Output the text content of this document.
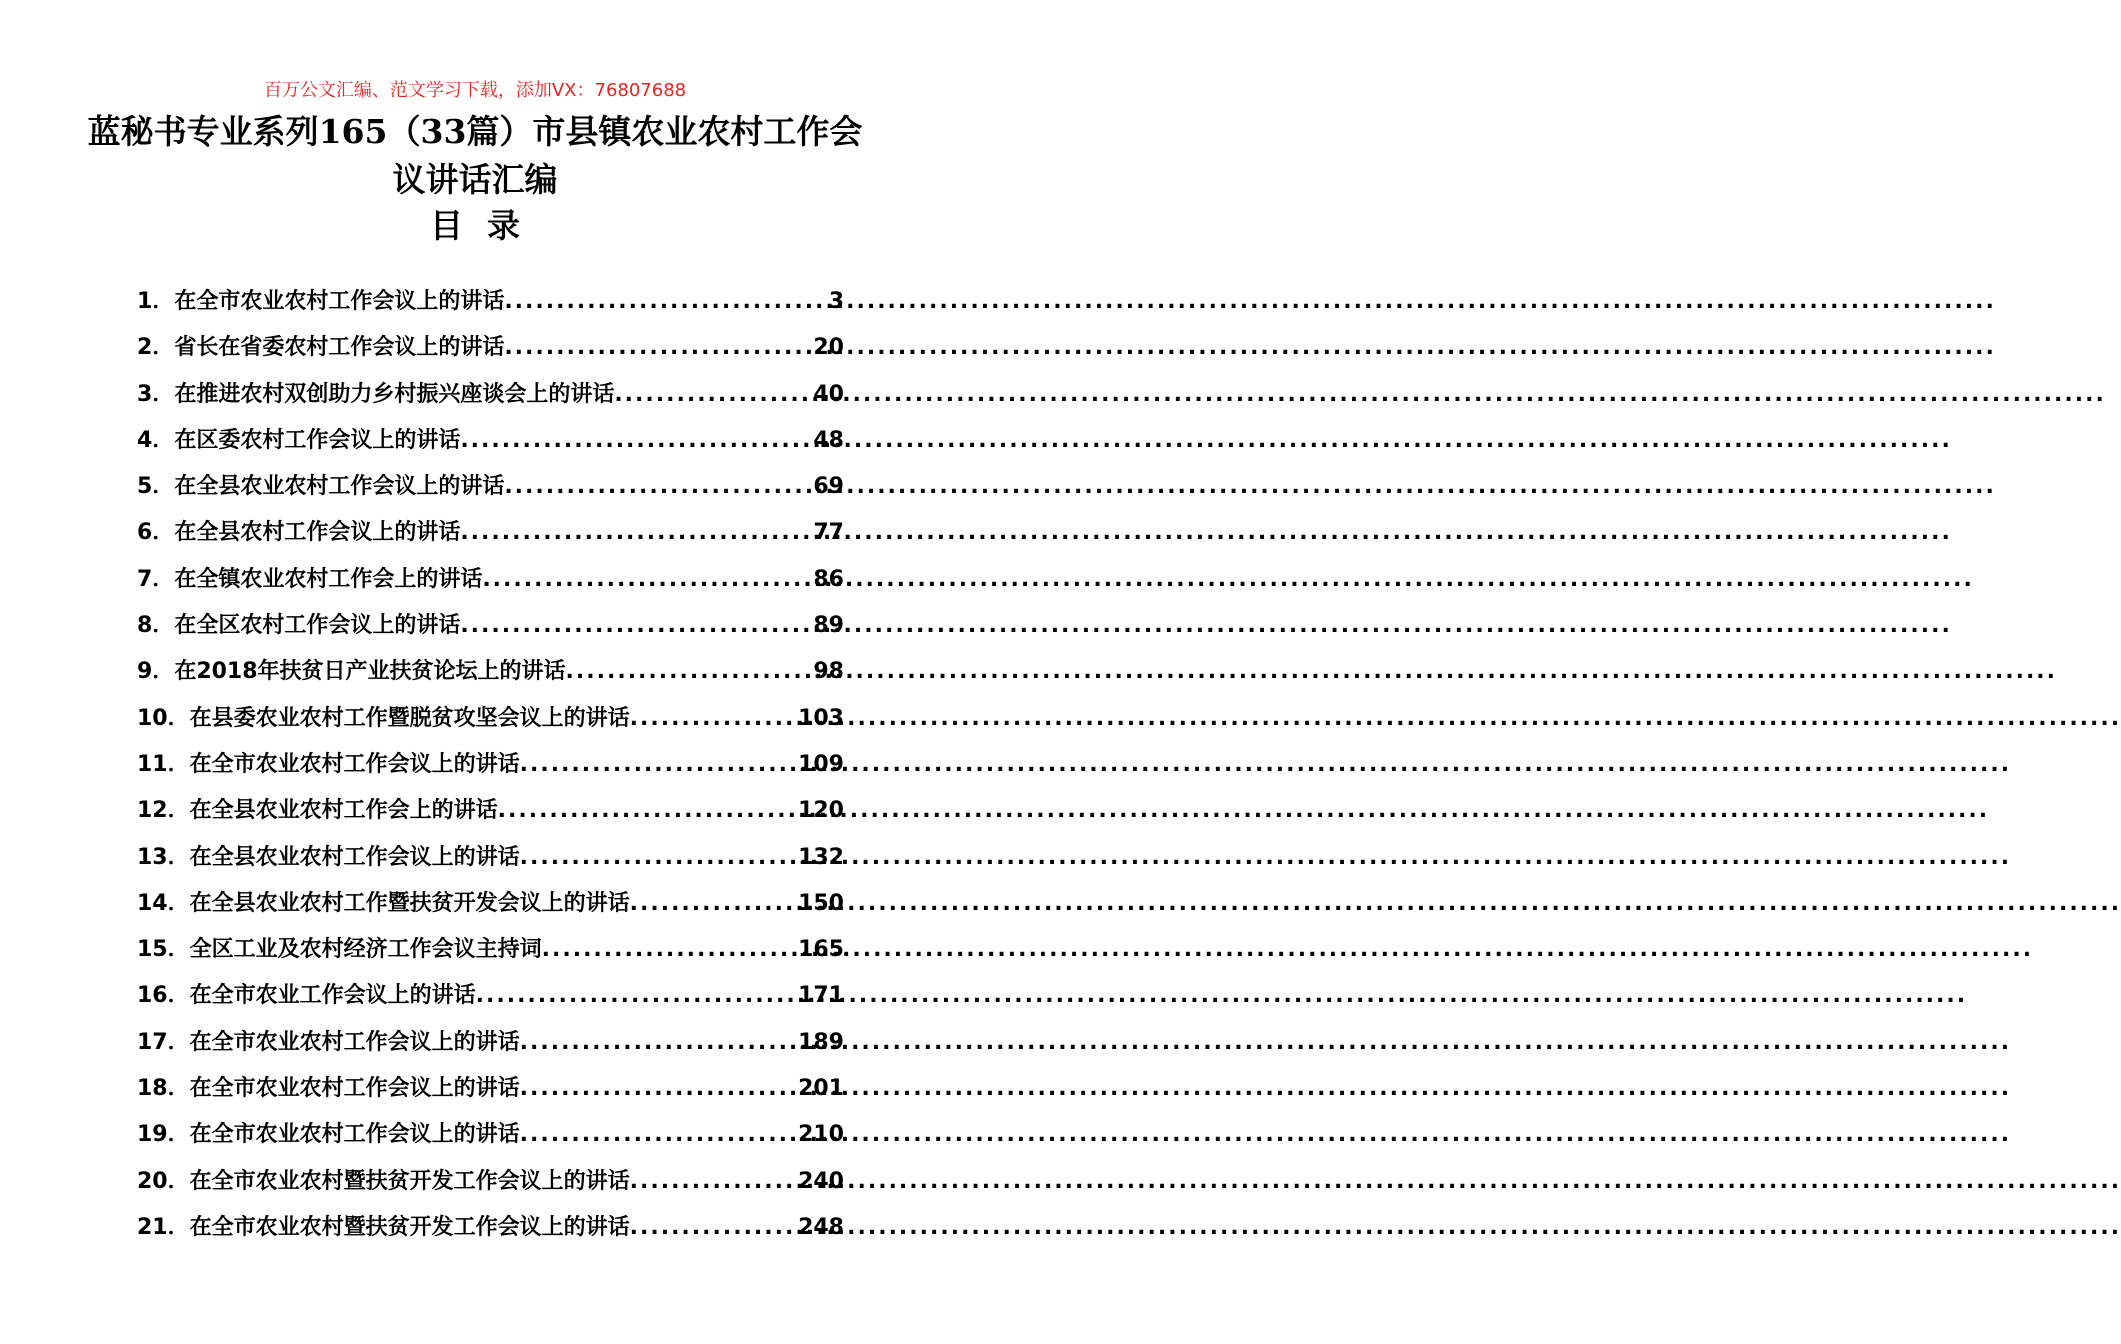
百万公文汇编、范文学习下载，添加VX：76807688
蓝秘书专业系列165（33篇）市县镇农业农村工作会议讲话汇编
目录
1． 在全市农业农村工作会议上的讲话 .....	3
2． 省长在省委农村工作会议上的讲话 .....	20
3． 在推进农村双创助力乡村振兴座谈会上的讲话 .....	40
4． 在区委农村工作会议上的讲话 .....	48
5． 在全县农业农村工作会议上的讲话 .....	69
6． 在全县农村工作会议上的讲话 .....	77
7． 在全镇农业农村工作会上的讲话 .....	86
8． 在全区农村工作会议上的讲话 .....	89
9． 在2018年扶贫日产业扶贫论坛上的讲话 .....	98
10． 在县委农业农村工作暨脱贫攻坚会议上的讲话 .....	103
11． 在全市农业农村工作会议上的讲话 .....	109
12． 在全县农业农村工作会上的讲话 .....	120
13． 在全县农业农村工作会议上的讲话 .....	132
14． 在全县农业农村工作暨扶贫开发会议上的讲话 .....	150
15． 全区工业及农村经济工作会议主持词 .....	165
16． 在全市农业工作会议上的讲话 .....	171
17． 在全市农业农村工作会议上的讲话 .....	189
18． 在全市农业农村工作会议上的讲话 .....	201
19． 在全市农业农村工作会议上的讲话 .....	210
20． 在全市农业农村暨扶贫开发工作会议上的讲话 .....	240
21． 在全市农业农村暨扶贫开发工作会议上的讲话 .....	248
